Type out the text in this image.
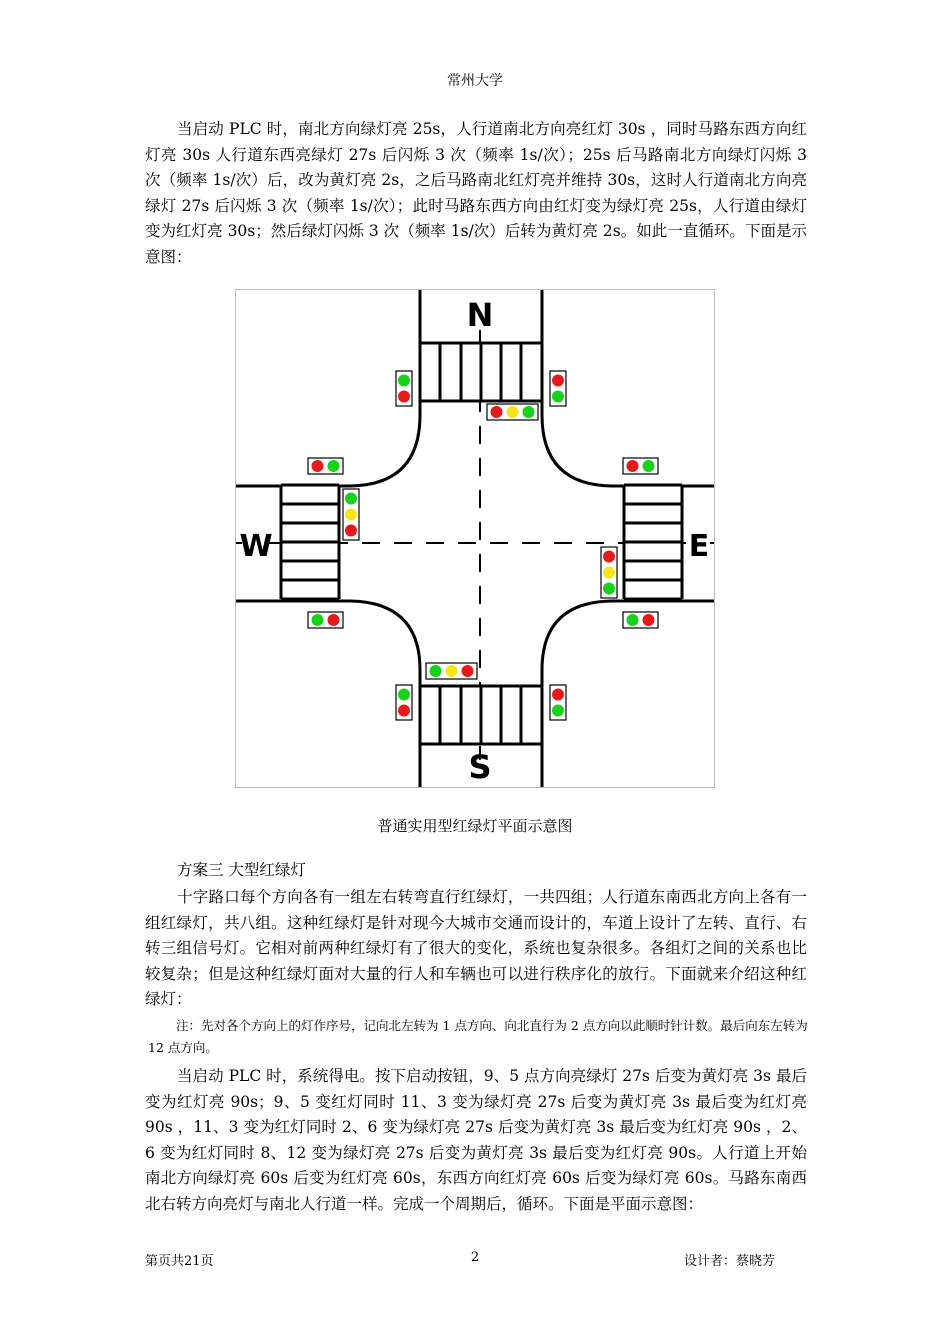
常州大学
当启动 PLC 时，南北方向绿灯亮 25s，人行道南北方向亮红灯 30s ，同时马路东西方向红灯亮 30s 人行道东西亮绿灯 27s 后闪烁 3 次（频率 1s/次）；25s 后马路南北方向绿灯闪烁 3 次（频率 1s/次）后，改为黄灯亮 2s，之后马路南北红灯亮并维持 30s，这时人行道南北方向亮绿灯 27s 后闪烁 3 次（频率 1s/次）；此时马路东西方向由红灯变为绿灯亮 25s，人行道由绿灯变为红灯亮 30s；然后绿灯闪烁 3 次（频率 1s/次）后转为黄灯亮 2s。如此一直循环。下面是示意图：
N
S
W	E
普通实用型红绿灯平面示意图
方案三 大型红绿灯
十字路口每个方向各有一组左右转弯直行红绿灯，一共四组；人行道东南西北方向上各有一组红绿灯，共八组。这种红绿灯是针对现今大城市交通而设计的，车道上设计了左转、直行、右转三组信号灯。它相对前两种红绿灯有了很大的变化，系统也复杂很多。各组灯之间的关系也比较复杂；但是这种红绿灯面对大量的行人和车辆也可以进行秩序化的放行。下面就来介绍这种红绿灯：
注：先对各个方向上的灯作序号，记向北左转为 1 点方向、向北直行为 2 点方向以此顺时针计数。最后向东左转为 12 点方向。
当启动 PLC 时，系统得电。按下启动按钮，9、5 点方向亮绿灯 27s 后变为黄灯亮 3s 最后变为红灯亮 90s；9、5 变红灯同时 11、3 变为绿灯亮 27s 后变为黄灯亮 3s 最后变为红灯亮 90s ，11、3 变为红灯同时 2、6 变为绿灯亮 27s 后变为黄灯亮 3s 最后变为红灯亮 90s ，2、6 变为红灯同时 8、12 变为绿灯亮 27s 后变为黄灯亮 3s 最后变为红灯亮 90s。人行道上开始南北方向绿灯亮 60s 后变为红灯亮 60s，东西方向红灯亮 60s 后变为绿灯亮 60s。马路东南西北右转方向亮灯与南北人行道一样。完成一个周期后，循环。下面是平面示意图：
第页共21页	2	设计者：蔡晓芳
